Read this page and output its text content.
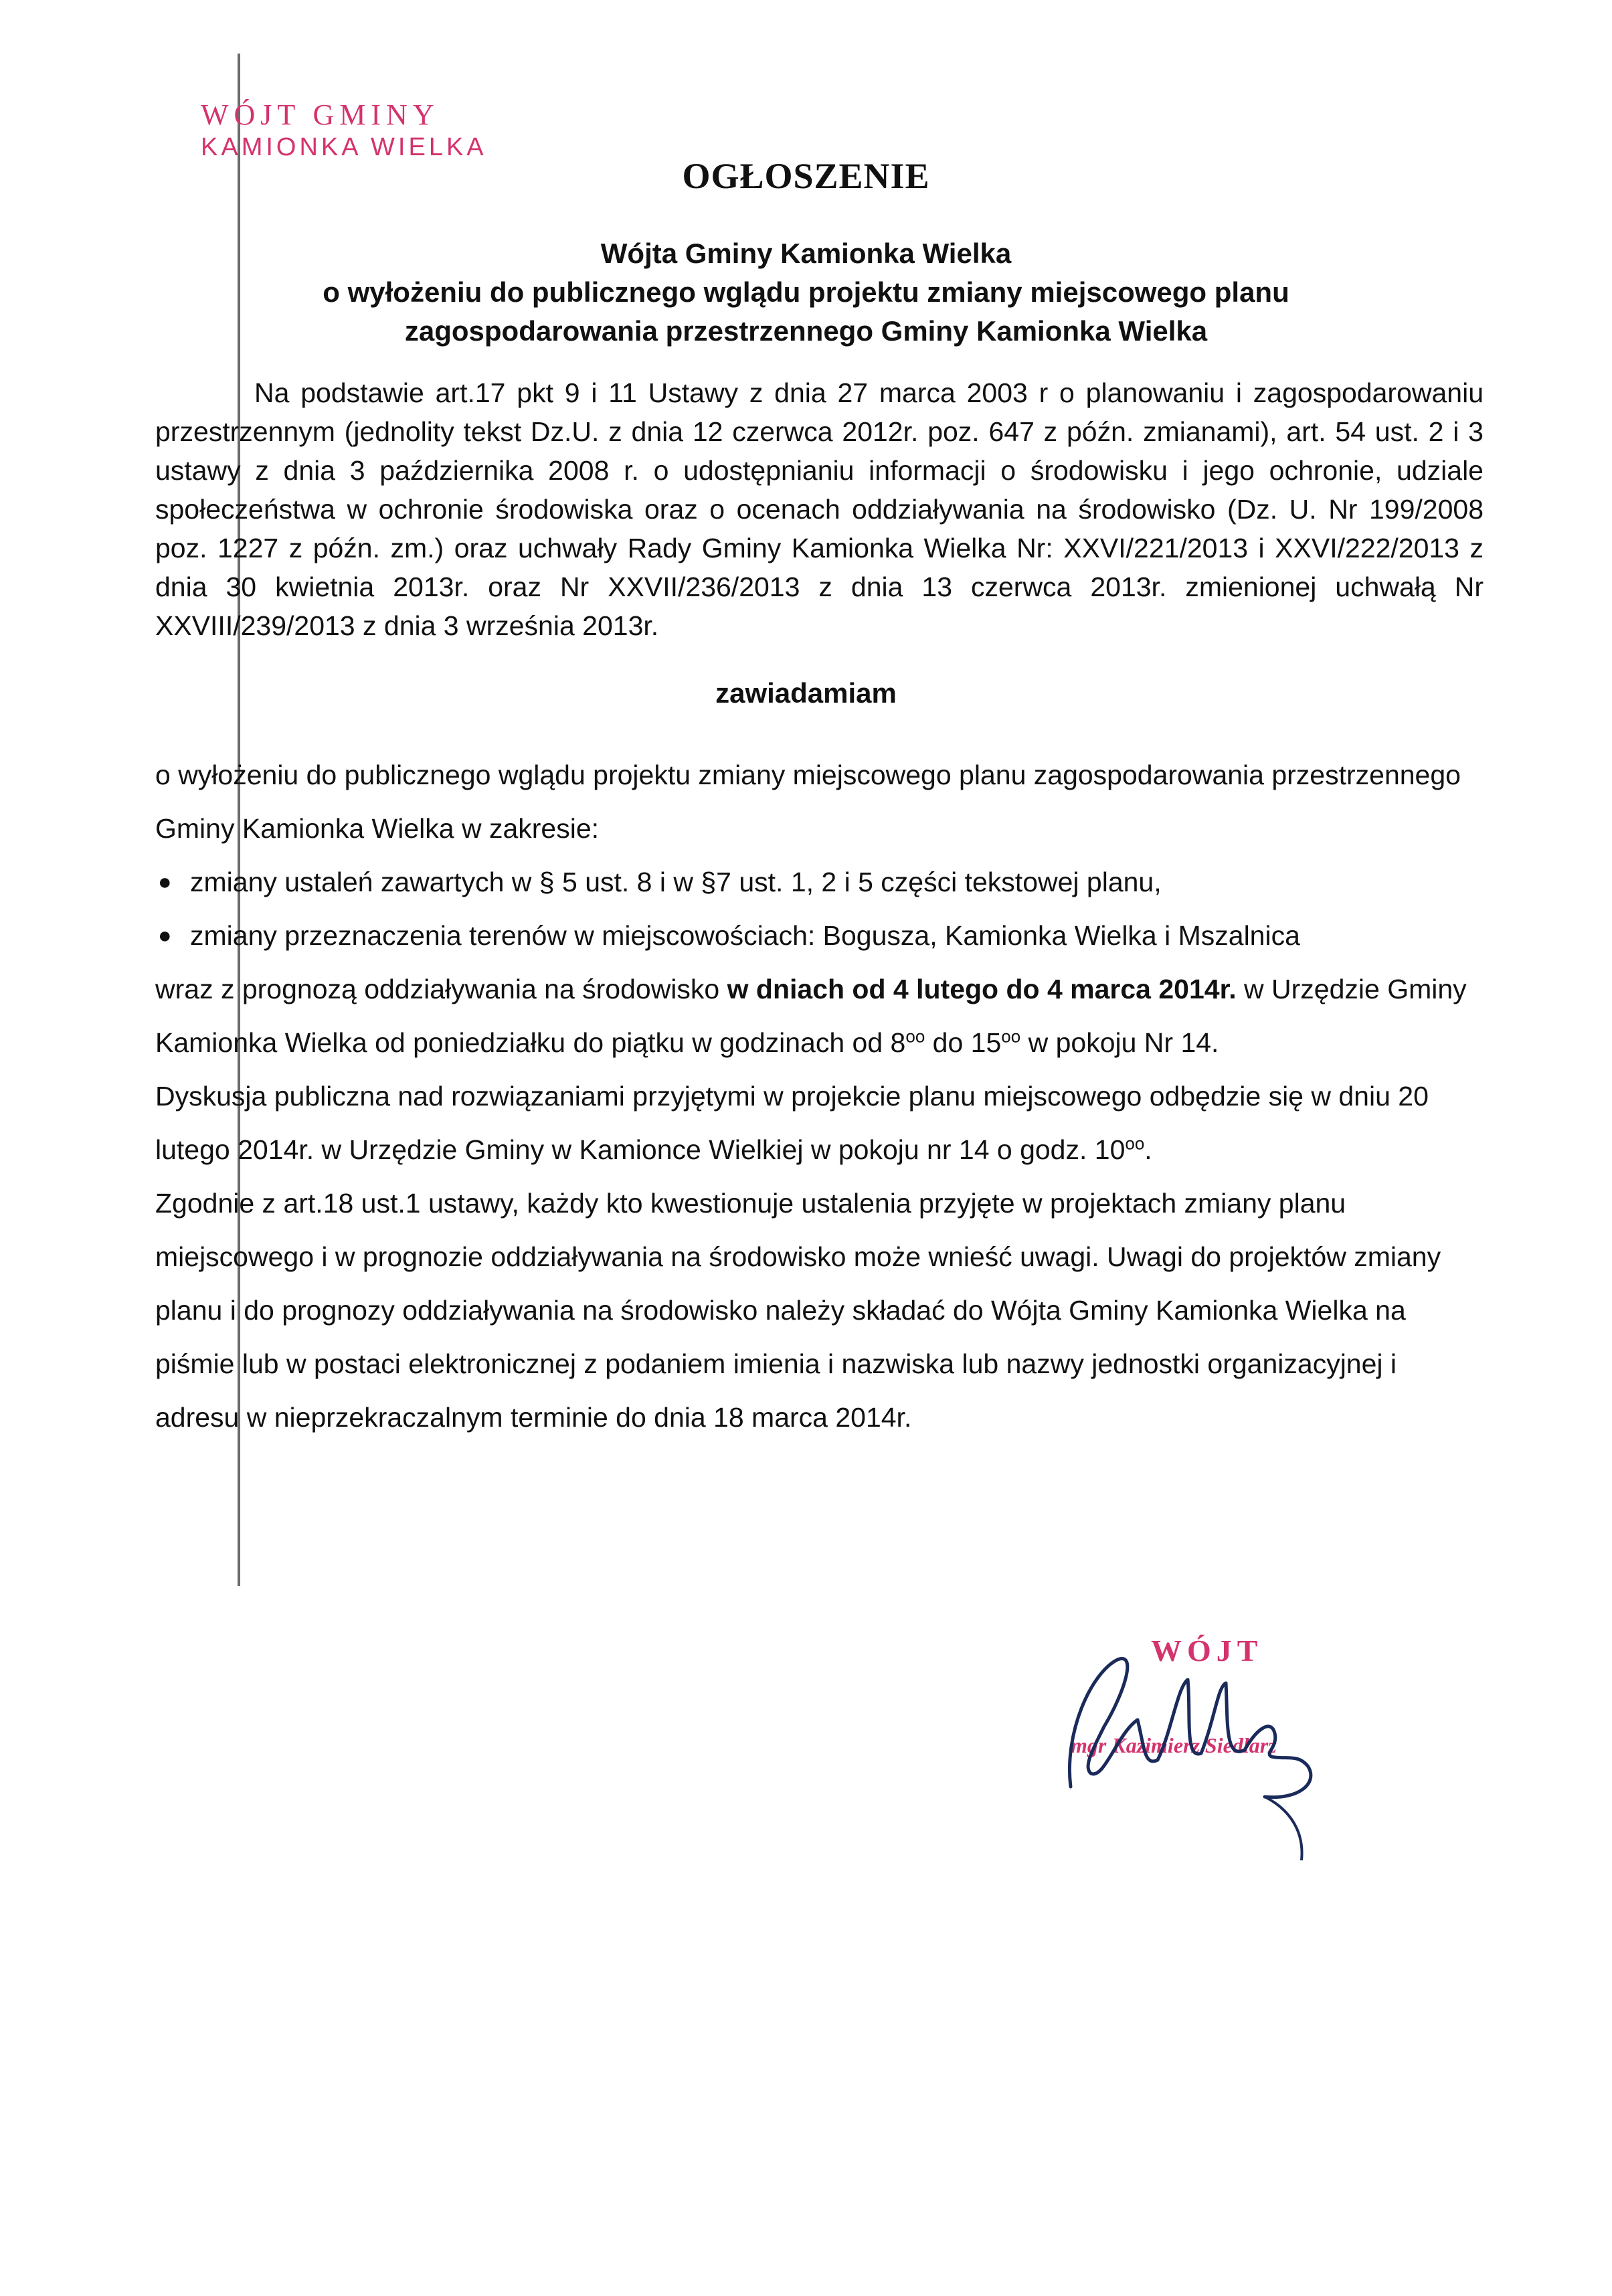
WÓJT GMINY
KAMIONKA WIELKA
OGŁOSZENIE
Wójta Gminy Kamionka Wielka
o wyłożeniu do publicznego wglądu projektu zmiany miejscowego planu
zagospodarowania przestrzennego Gminy Kamionka Wielka

Na podstawie art.17 pkt 9 i 11 Ustawy z dnia 27 marca 2003 r o planowaniu i zagospodarowaniu przestrzennym (jednolity tekst Dz.U. z dnia 12 czerwca 2012r. poz. 647 z późn. zmianami), art. 54 ust. 2 i 3 ustawy z dnia 3 października 2008 r. o udostępnianiu informacji o środowisku i jego ochronie, udziale społeczeństwa w ochronie środowiska oraz o ocenach oddziaływania na środowisko (Dz. U. Nr 199/2008 poz. 1227 z późn. zm.) oraz uchwały Rady Gminy Kamionka Wielka Nr: XXVI/221/2013 i XXVI/222/2013 z dnia 30 kwietnia 2013r. oraz Nr XXVII/236/2013 z dnia 13 czerwca 2013r. zmienionej uchwałą Nr XXVIII/239/2013 z dnia 3 września 2013r.

zawiadamiam

o wyłożeniu do publicznego wglądu projektu zmiany miejscowego planu zagospodarowania przestrzennego Gminy Kamionka Wielka w zakresie:

● zmiany ustaleń zawartych w § 5 ust. 8 i w §7 ust. 1, 2 i 5 części tekstowej planu,
● zmiany przeznaczenia terenów w miejscowościach: Bogusza, Kamionka Wielka i Mszalnica

wraz z prognozą oddziaływania na środowisko w dniach od 4 lutego do 4 marca 2014r. w Urzędzie Gminy Kamionka Wielka od poniedziałku do piątku w godzinach od $8^{oo}$ do $15^{oo}$ w pokoju Nr 14.

Dyskusja publiczna nad rozwiązaniami przyjętymi w projekcie planu miejscowego odbędzie się w dniu 20 lutego 2014r. w Urzędzie Gminy w Kamionce Wielkiej w pokoju nr 14 o godz. $10^{oo}$.

Zgodnie z art.18 ust.1 ustawy, każdy kto kwestionuje ustalenia przyjęte w projektach zmiany planu miejscowego i w prognozie oddziaływania na środowisko może wnieść uwagi. Uwagi do projektów zmiany planu i do prognozy oddziaływania na środowisko należy składać do Wójta Gminy Kamionka Wielka na piśmie lub w postaci elektronicznej z podaniem imienia i nazwiska lub nazwy jednostki organizacyjnej i adresu w nieprzekraczalnym terminie do dnia 18 marca 2014r.

WÓJT
mgr Kazimierz Siedlarz
